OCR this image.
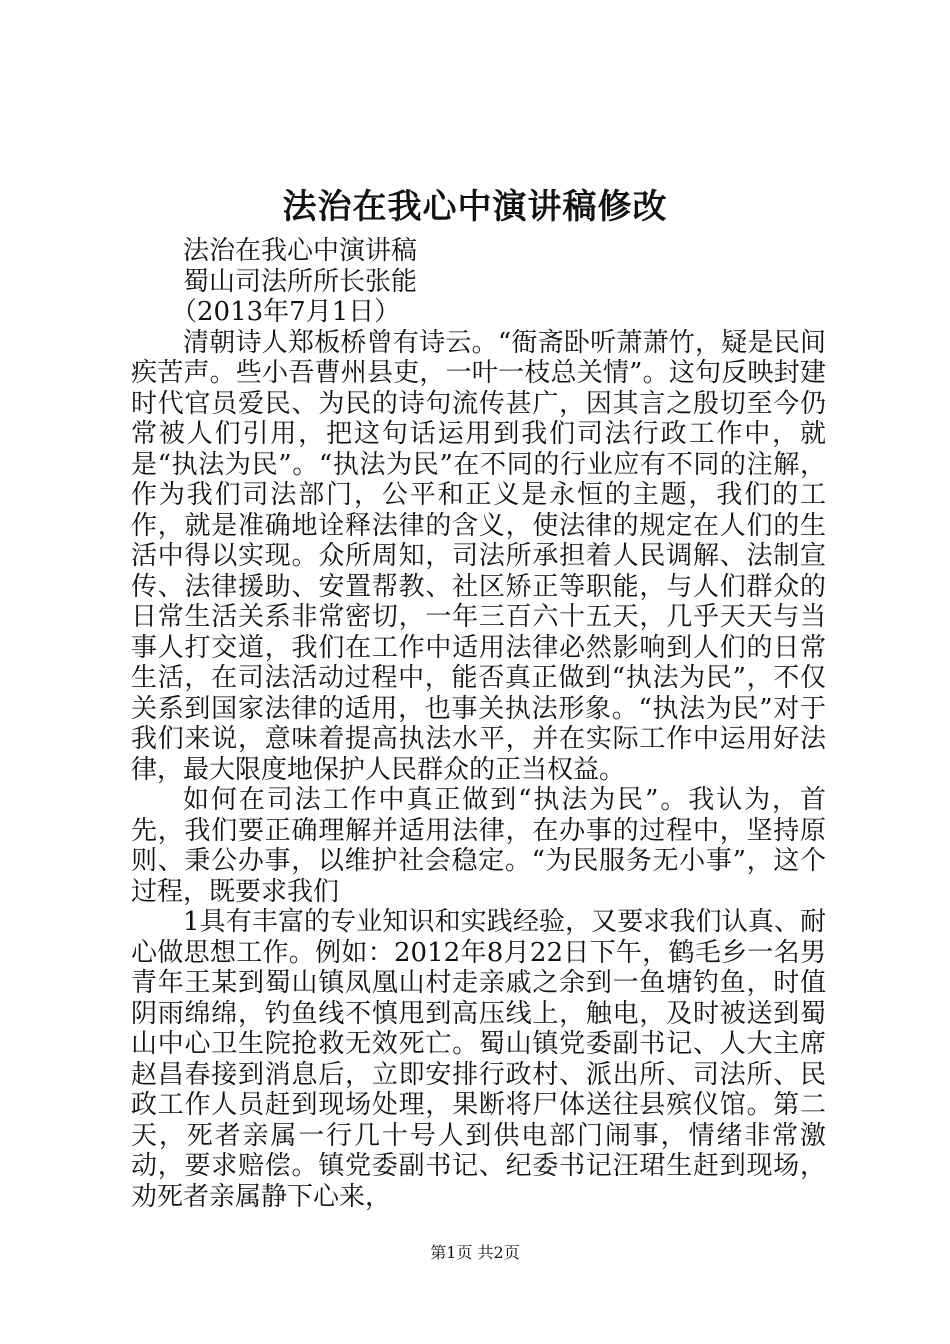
法治在我心中演讲稿修改

法治在我心中演讲稿

蜀山司法所所长张能

（2013年7月1日）

清朝诗人郑板桥曾有诗云。“衙斋卧听萧萧竹，疑是民间疾苦声。些小吾曹州县吏，一叶一枝总关情”。这句反映封建时代官员爱民、为民的诗句流传甚广，因其言之殷切至今仍常被人们引用，把这句话运用到我们司法行政工作中，就是“执法为民”。“执法为民”在不同的行业应有不同的注解，作为我们司法部门，公平和正义是永恒的主题，我们的工作，就是准确地诠释法律的含义，使法律的规定在人们的生活中得以实现。众所周知，司法所承担着人民调解、法制宣传、法律援助、安置帮教、社区矫正等职能，与人们群众的日常生活关系非常密切，一年三百六十五天，几乎天天与当事人打交道，我们在工作中适用法律必然影响到人们的日常生活，在司法活动过程中，能否真正做到“执法为民”，不仅关系到国家法律的适用，也事关执法形象。“执法为民”对于我们来说，意味着提高执法水平，并在实际工作中运用好法律，最大限度地保护人民群众的正当权益。

如何在司法工作中真正做到“执法为民”。我认为，首先，我们要正确理解并适用法律，在办事的过程中，坚持原则、秉公办事，以维护社会稳定。“为民服务无小事”，这个过程，既要求我们

1具有丰富的专业知识和实践经验，又要求我们认真、耐心做思想工作。例如：2012年8月22日下午，鹤毛乡一名男青年王某到蜀山镇凤凰山村走亲戚之余到一鱼塘钓鱼，时值阴雨绵绵，钓鱼线不慎甩到高压线上，触电，及时被送到蜀山中心卫生院抢救无效死亡。蜀山镇党委副书记、人大主席赵昌春接到消息后，立即安排行政村、派出所、司法所、民政工作人员赶到现场处理，果断将尸体送往县殡仪馆。第二天，死者亲属一行几十号人到供电部门闹事，情绪非常激动，要求赔偿。镇党委副书记、纪委书记汪珺生赶到现场，劝死者亲属静下心来，

第1页 共2页
